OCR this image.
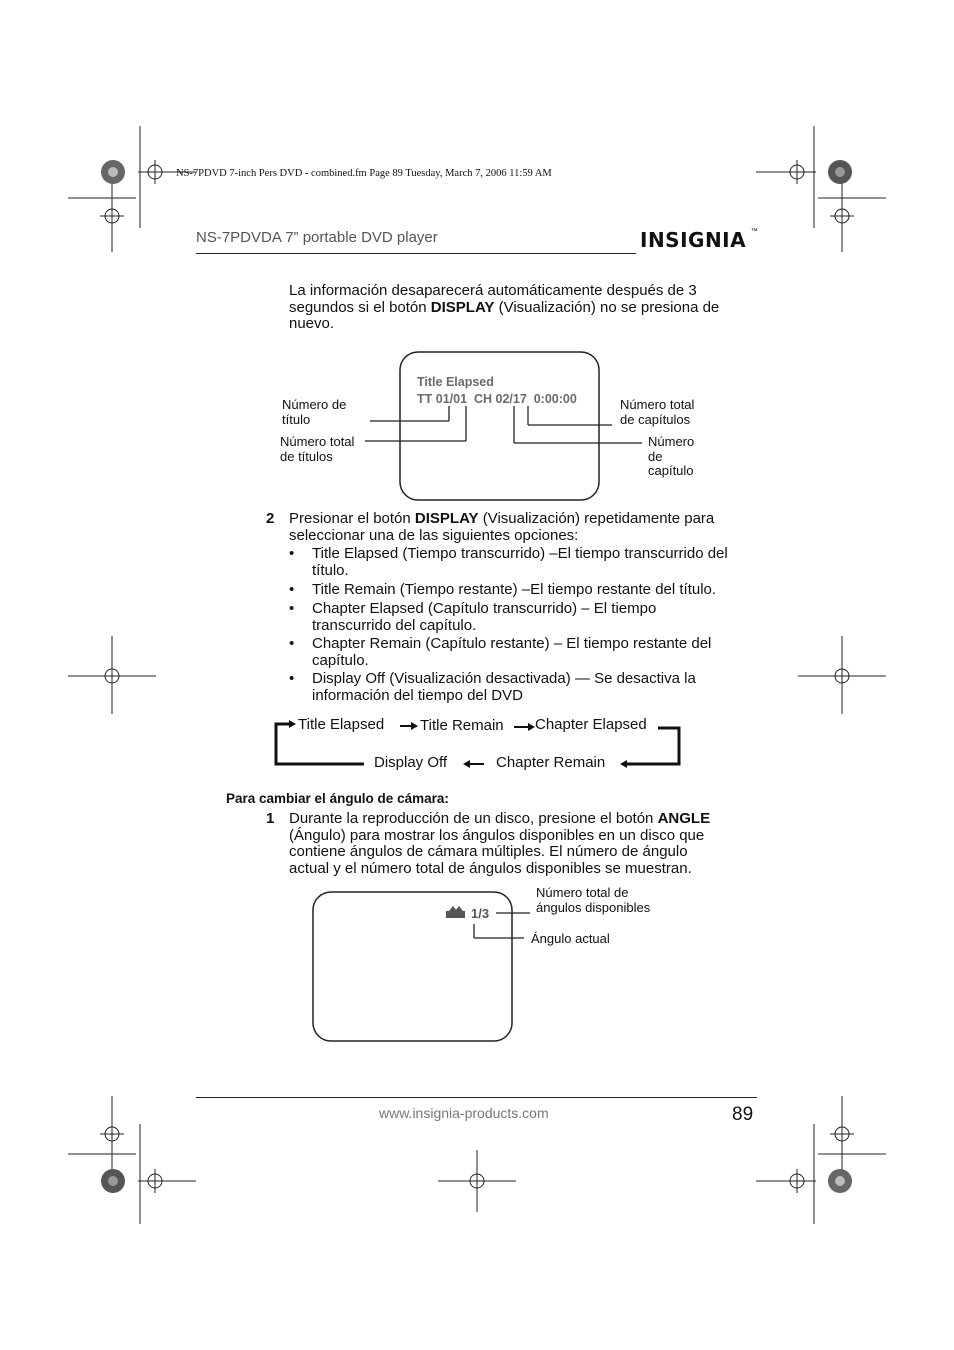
NS-7PDVD 7-inch Pers DVD - combined.fm Page 89 Tuesday, March 7, 2006 11:59 AM
NS-7PDVDA 7” portable DVD player	INSIGNIA ™
La información desaparecerá automáticamente después de 3
segundos si el botón DISPLAY (Visualización) no se presiona de
nuevo.
Title Elapsed
TT 01/01  CH 02/17  0:00:00
Número de
título
Número total
de títulos
Número total
de capítulos
Número
de
capítulo
2 Presionar el botón DISPLAY (Visualización) repetidamente para
seleccionar una de las siguientes opciones:
• Title Elapsed (Tiempo transcurrido) –El tiempo transcurrido del
título.
• Title Remain (Tiempo restante) –El tiempo restante del título.
• Chapter Elapsed (Capítulo transcurrido) – El tiempo
transcurrido del capítulo.
• Chapter Remain (Capítulo restante) – El tiempo restante del
capítulo.
• Display Off (Visualización desactivada) — Se desactiva la
información del tiempo del DVD
Title Elapsed Title Remain Chapter Elapsed
Display Off	Chapter Remain
Para cambiar el ángulo de cámara:
1 Durante la reproducción de un disco, presione el botón ANGLE
(Ángulo) para mostrar los ángulos disponibles en un disco que
contiene ángulos de cámara múltiples. El número de ángulo
actual y el número total de ángulos disponibles se muestran.
1/3
Número total de
ángulos disponibles
Ángulo actual
www.insignia-products.com	89
